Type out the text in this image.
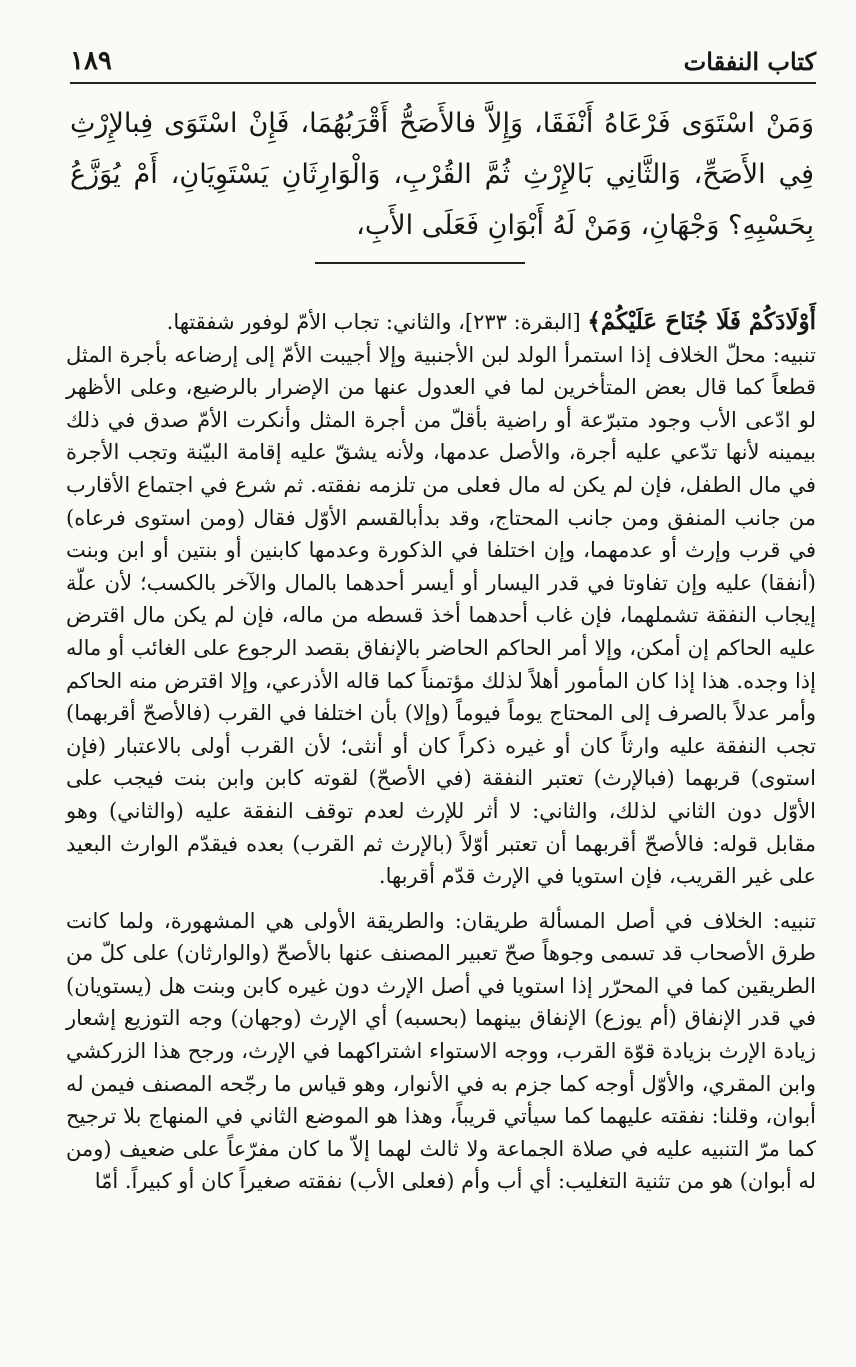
كتاب النفقات
١٨٩

وَمَنْ اسْتَوَى فَرْعَاهُ أَنْفَقَا، وَإِلاَّ فالأَصَحُّ أَقْرَبُهُمَا، فَإِنْ اسْتَوَى فِبالإِرْثِ فِي الأَصَحِّ، وَالثَّانِي بَالإِرْثِ ثُمَّ القُرْبِ، وَالْوَارِثَانِ يَسْتَوِيَانِ، أَمْ يُوَزَّعُ بِحَسْبِهِ؟ وَجْهَانِ، وَمَنْ لَهُ أَبْوَانِ فَعَلَى الأَبِ،

أَوْلَادَكُمْ فَلَا جُنَاحَ عَلَيْكُمْ﴾ [البقرة: ٢٣٣]، والثاني: تجاب الأمّ لوفور شفقتها.

تنبيه: محلّ الخلاف إذا استمرأ الولد لبن الأجنبية وإلا أجيبت الأمّ إلى إرضاعه بأجرة المثل قطعاً كما قال بعض المتأخرين لما في العدول عنها من الإضرار بالرضيع، وعلى الأظهر لو ادّعى الأب وجود متبرّعة أو راضية بأقلّ من أجرة المثل وأنكرت الأمّ صدق في ذلك بيمينه لأنها تدّعي عليه أجرة، والأصل عدمها، ولأنه يشقّ عليه إقامة البيّنة وتجب الأجرة في مال الطفل، فإن لم يكن له مال فعلى من تلزمه نفقته. ثم شرع في اجتماع الأقارب من جانب المنفق ومن جانب المحتاج، وقد بدأبالقسم الأوّل فقال (ومن استوى فرعاه) في قرب وإرث أو عدمهما، وإن اختلفا في الذكورة وعدمها كابنين أو بنتين أو ابن وبنت (أنفقا) عليه وإن تفاوتا في قدر اليسار أو أيسر أحدهما بالمال والآخر بالكسب؛ لأن علّة إيجاب النفقة تشملهما، فإن غاب أحدهما أخذ قسطه من ماله، فإن لم يكن مال اقترض عليه الحاكم إن أمكن، وإلا أمر الحاكم الحاضر بالإنفاق بقصد الرجوع على الغائب أو ماله إذا وجده. هذا إذا كان المأمور أهلاً لذلك مؤتمناً كما قاله الأذرعي، وإلا اقترض منه الحاكم وأمر عدلاً بالصرف إلى المحتاج يوماً فيوماً (وإلا) بأن اختلفا في القرب (فالأصحّ أقربهما) تجب النفقة عليه وارثاً كان أو غيره ذكراً كان أو أنثى؛ لأن القرب أولى بالاعتبار (فإن استوى) قربهما (فبالإرث) تعتبر النفقة (في الأصحّ) لقوته كابن وابن بنت فيجب على الأوّل دون الثاني لذلك، والثاني: لا أثر للإرث لعدم توقف النفقة عليه (والثاني) وهو مقابل قوله: فالأصحّ أقربهما أن تعتبر أوّلاً (بالإرث ثم القرب) بعده فيقدّم الوارث البعيد على غير القريب، فإن استويا في الإرث قدّم أقربها.

تنبيه: الخلاف في أصل المسألة طريقان: والطريقة الأولى هي المشهورة، ولما كانت طرق الأصحاب قد تسمى وجوهاً صحّ تعبير المصنف عنها بالأصحّ (والوارثان) على كلّ من الطريقين كما في المحرّر إذا استويا في أصل الإرث دون غيره كابن وبنت هل (يستويان) في قدر الإنفاق (أم يوزع) الإنفاق بينهما (بحسبه) أي الإرث (وجهان) وجه التوزيع إشعار زيادة الإرث بزيادة قوّة القرب، ووجه الاستواء اشتراكهما في الإرث، ورجح هذا الزركشي وابن المقري، والأوّل أوجه كما جزم به في الأنوار، وهو قياس ما رجّحه المصنف فيمن له أبوان، وقلنا: نفقته عليهما كما سيأتي قريباً، وهذا هو الموضع الثاني في المنهاج بلا ترجيح كما مرّ التنبيه عليه في صلاة الجماعة ولا ثالث لهما إلاّ ما كان مفرّعاً على ضعيف (ومن له أبوان) هو من تثنية التغليب: أي أب وأم (فعلى الأب) نفقته صغيراً كان أو كبيراً. أمّا
